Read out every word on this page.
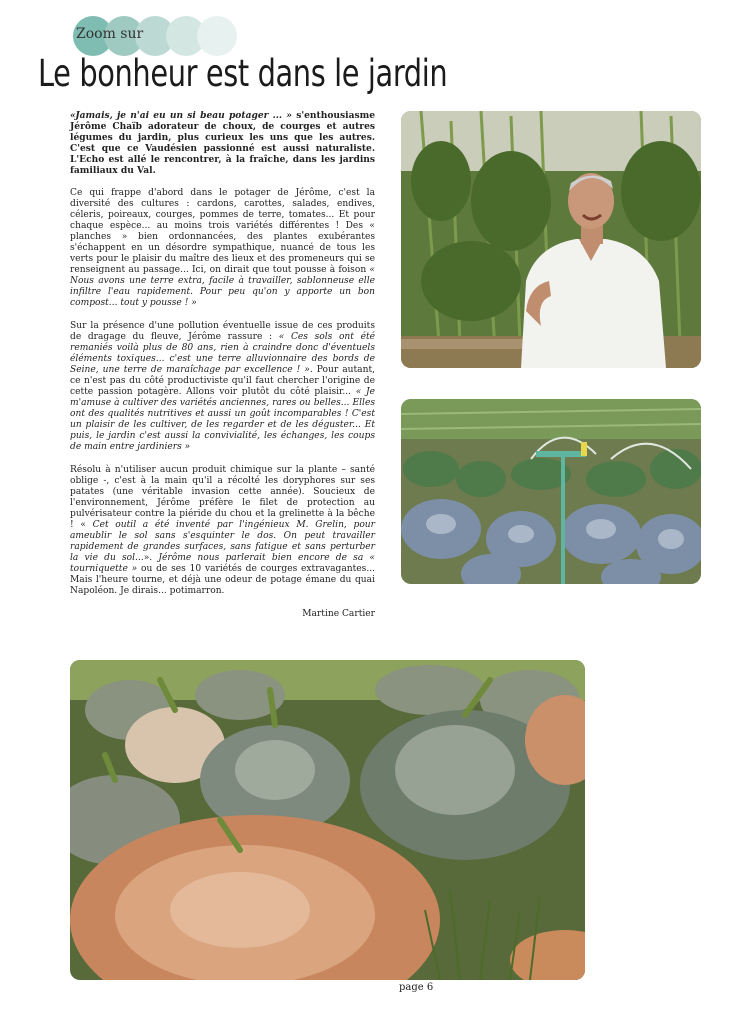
Zoom sur
Le bonheur est dans le jardin

«Jamais, je n'ai eu un si beau potager ... » s'enthousiasme Jérôme Chaïb adorateur de choux, de courges et autres légumes du jardin, plus curieux les uns que les autres. C'est que ce Vaudésien passionné est aussi naturaliste. L'Echo est allé le rencontrer, à la fraîche, dans les jardins familiaux du Val.

Ce qui frappe d'abord dans le potager de Jérôme, c'est la diversité des cultures : cardons, carottes, salades, endives, céleris, poireaux, courges, pommes de terre, tomates... Et pour chaque espèce... au moins trois variétés différentes ! Des « planches » bien ordonnancées, des plantes exubérantes s'échappent en un désordre sympathique, nuancé de tous les verts pour le plaisir du maître des lieux et des promeneurs qui se renseignent au passage... Ici, on dirait que tout pousse à foison « Nous avons une terre extra, facile à travailler, sablonneuse elle infiltre l'eau rapidement. Pour peu qu'on y apporte un bon compost... tout y pousse ! »

Sur la présence d'une pollution éventuelle issue de ces produits de dragage du fleuve, Jérôme rassure : « Ces sols ont été remaniés voilà plus de 80 ans, rien à craindre donc d'éventuels éléments toxiques... c'est une terre alluvionnaire des bords de Seine, une terre de maraîchage par excellence ! ». Pour autant, ce n'est pas du côté productiviste qu'il faut chercher l'origine de cette passion potagère. Allons voir plutôt du côté plaisir... « Je m'amuse à cultiver des variétés anciennes, rares ou belles... Elles ont des qualités nutritives et aussi un goût incomparables ! C'est un plaisir de les cultiver, de les regarder et de les déguster... Et puis, le jardin c'est aussi la convivialité, les échanges, les coups de main entre jardiniers »

Résolu à n'utiliser aucun produit chimique sur la plante – santé oblige -, c'est à la main qu'il a récolté les doryphores sur ses patates (une véritable invasion cette année). Soucieux de l'environnement, Jérôme préfère le filet de protection au pulvérisateur contre la piéride du chou et la grelinette à la bêche ! « Cet outil a été inventé par l'ingénieux M. Grelin, pour ameublir le sol sans s'esquinter le dos. On peut travailler rapidement de grandes surfaces, sans fatigue et sans perturber la vie du sol...». Jérôme nous parlerait bien encore de sa « tourniquette » ou de ses 10 variétés de courges extravagantes... Mais l'heure tourne, et déjà une odeur de potage émane du quai Napoléon. Je dirais... potimarron.

Martine Cartier

page 6
